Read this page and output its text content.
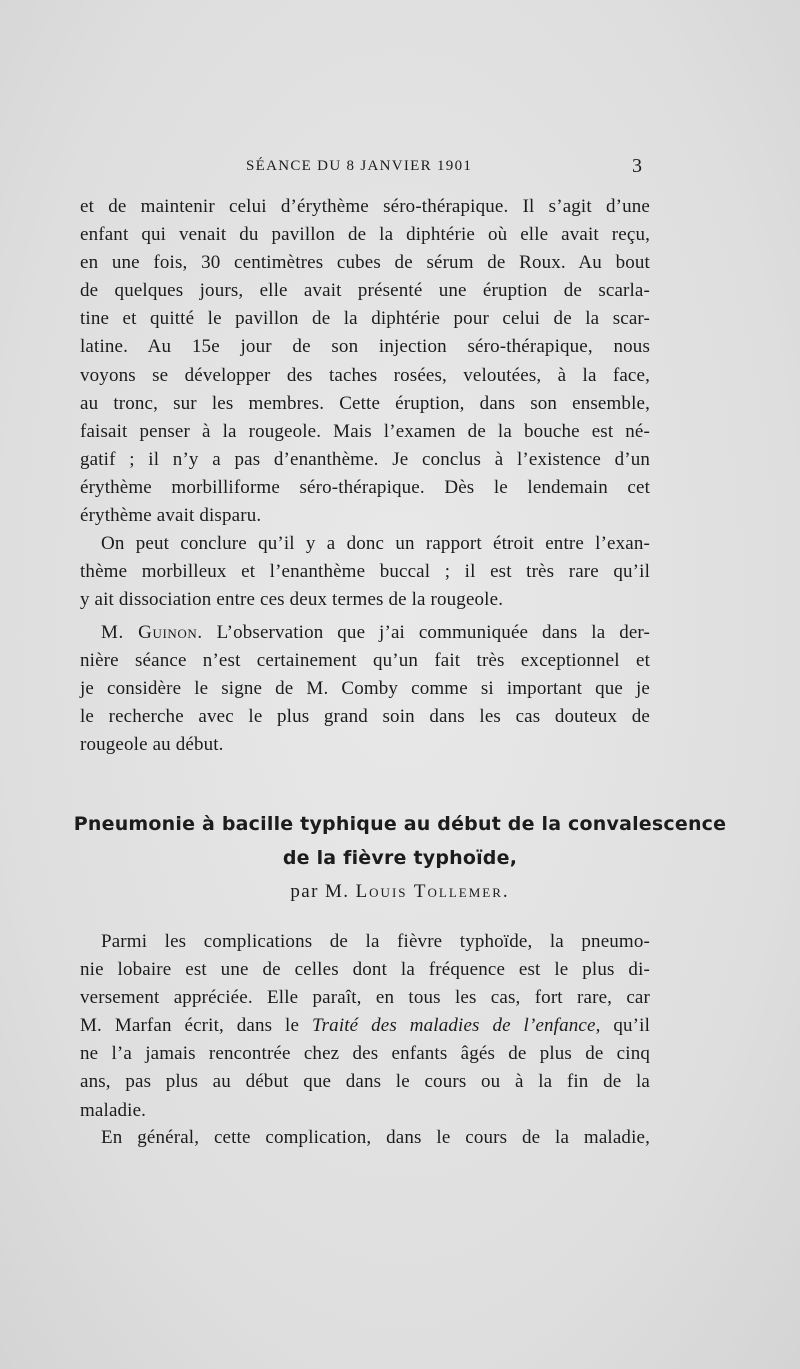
SÉANCE DU 8 JANVIER 1901	3
et de maintenir celui d’érythème séro-thérapique. Il s’agit d’une
enfant qui venait du pavillon de la diphtérie où elle avait reçu,
en une fois, 30 centimètres cubes de sérum de Roux. Au bout
de quelques jours, elle avait présenté une éruption de scarla-
tine et quitté le pavillon de la diphtérie pour celui de la scar-
latine. Au 15e jour de son injection séro-thérapique, nous
voyons se développer des taches rosées, veloutées, à la face,
au tronc, sur les membres. Cette éruption, dans son ensemble,
faisait penser à la rougeole. Mais l’examen de la bouche est né-
gatif ; il n’y a pas d’enanthème. Je conclus à l’existence d’un
érythème morbilliforme séro-thérapique. Dès le lendemain cet
érythème avait disparu.
On peut conclure qu’il y a donc un rapport étroit entre l’exan-
thème morbilleux et l’enanthème buccal ; il est très rare qu’il
y ait dissociation entre ces deux termes de la rougeole.
M. Guinon. L’observation que j’ai communiquée dans la der-
nière séance n’est certainement qu’un fait très exceptionnel et
je considère le signe de M. Comby comme si important que je
le recherche avec le plus grand soin dans les cas douteux de
rougeole au début.
Pneumonie à bacille typhique au début de la convalescence
de la fièvre typhoïde,
par M. Louis Tollemer.
Parmi les complications de la fièvre typhoïde, la pneumo-
nie lobaire est une de celles dont la fréquence est le plus di-
versement appréciée. Elle paraît, en tous les cas, fort rare, car
M. Marfan écrit, dans le Traité des maladies de l’enfance, qu’il
ne l’a jamais rencontrée chez des enfants âgés de plus de cinq
ans, pas plus au début que dans le cours ou à la fin de la
maladie.
En général, cette complication, dans le cours de la maladie,
